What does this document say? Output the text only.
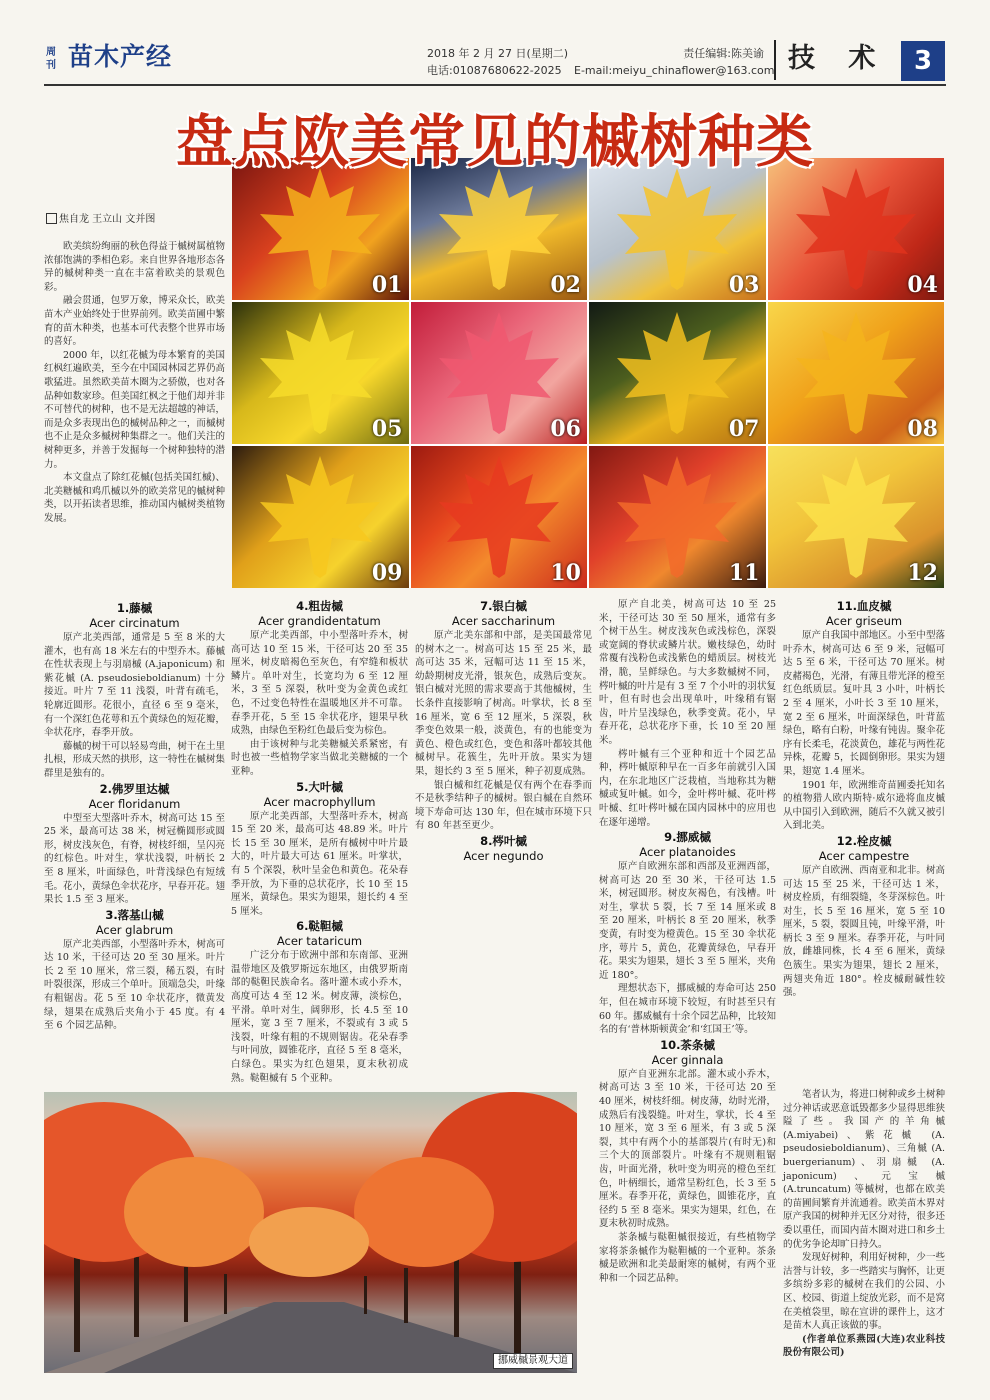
周刊 苗木产经	2018 年 2 月 27 日(星期二)
电话:01087680622-2025
责任编辑:陈美谕
E-mail:meiyu_chinaflower@163.com 技 术	3
盘点欧美常见的槭树种类
01	02	03	04
05	06	07	08
09	10	11	12
焦自龙 王立山 文并图

欧美缤纷绚丽的秋色得益于槭树属植物浓郁饱满的季相色彩。来自世界各地形态各异的槭树种类一直在丰富着欧美的景观色彩。

融会贯通，包罗万象，博采众长，欧美苗木产业始终处于世界前列。欧美苗圃中繁育的苗木种类，也基本可代表整个世界市场的喜好。

2000 年，以红花槭为母本繁育的美国红枫红遍欧美，至今在中国园林园艺界仍高歌猛进。虽然欧美苗木圈为之骄傲，也对各品种如数家珍。但美国红枫之于他们却并非不可替代的树种，也不是无法超越的神话，而是众多表现出色的槭树品种之一，而槭树也不止是众多槭树种集群之一。他们关注的树种更多，并善于发掘每一个树种独特的潜力。

本文盘点了除红花槭(包括美国红槭)、北美糖槭和鸡爪槭以外的欧美常见的槭树种类，以开拓读者思维，推动国内槭树类植物发展。

1.藤槭
Acer circinatum

原产北美西部，通常是 5 至 8 米的大灌木，也有高 18 米左右的中型乔木。藤槭在性状表现上与羽扇槭 (A.japonicum) 和紫花槭 (A. pseudosieboldianum) 十分接近。叶片 7 至 11 浅裂，叶背有疏毛，轮廓近圆形。花很小，直径 6 至 9 毫米，有一个深红色花萼和五个黄绿色的短花瓣，伞状花序，春季开放。

藤槭的树干可以轻易弯曲，树干在土里扎根，形成天然的拱形，这一特性在槭树集群里是独有的。

2.佛罗里达槭
Acer floridanum

中型至大型落叶乔木，树高可达 15 至 25 米，最高可达 38 米，树冠椭圆形或圆形，树皮浅灰色，有脊，树枝纤细，呈闪亮的红棕色。叶对生，掌状浅裂，叶柄长 2 至 8 厘米，叶面绿色，叶背浅绿色有短绒毛。花小，黄绿色伞状花序，早春开花。翅果长 1.5 至 3 厘米。

3.落基山槭
Acer glabrum

原产北美西部，小型落叶乔木，树高可达 10 米，干径可达 20 至 30 厘米。叶片长 2 至 10 厘米，常三裂，稀五裂，有时叶裂很深，形成三个单叶。顶端急尖，叶缘有粗锯齿。花 5 至 10 伞状花序，微黄发绿，翅果在成熟后夹角小于 45 度。有 4 至 6 个园艺品种。

4.粗齿槭
Acer grandidentatum

原产北美西部，中小型落叶乔木，树高可达 10 至 15 米，干径可达 20 至 35 厘米，树皮暗褐色至灰色，有窄缝和板状鳞片。单叶对生，长宽均为 6 至 12 厘米，3 至 5 深裂，秋叶变为金黄色或红色，不过变色特性在温暖地区并不可靠。春季开花，5 至 15 伞状花序，翅果早秋成熟，由绿色至粉红色最后变为棕色。

由于该树种与北美糖槭关系紧密，有时也被一些植物学家当做北美糖槭的一个亚种。

5.大叶槭
Acer macrophyllum

原产北美西部，大型落叶乔木，树高 15 至 20 米，最高可达 48.89 米。叶片长 15 至 30 厘米，是所有槭树中叶片最大的，叶片最大可达 61 厘米。叶掌状，有 5 个深裂，秋叶呈金色和黄色。花朵春季开放，为下垂的总状花序，长 10 至 15 厘米，黄绿色。果实为翅果，翅长约 4 至 5 厘米。

6.鞑靼槭
Acer tataricum

广泛分布于欧洲中部和东南部、亚洲温带地区及俄罗斯远东地区，由俄罗斯南部的鞑靼民族命名。落叶灌木或小乔木，高度可达 4 至 12 米。树皮薄，淡棕色，平滑。单叶对生，阔卵形，长 4.5 至 10 厘米，宽 3 至 7 厘米，不裂或有 3 或 5 浅裂，叶缘有粗的不规则锯齿。花朵春季与叶同放，圆锥花序，直径 5 至 8 毫米，白绿色。果实为红色翅果，夏末秋初成熟。鞑靼槭有 5 个亚种。

7.银白槭
Acer saccharinum

原产北美东部和中部，是美国最常见的树木之一。树高可达 15 至 25 米，最高可达 35 米，冠幅可达 11 至 15 米，幼龄期树皮光滑，银灰色，成熟后变灰。银白槭对光照的需求要高于其他槭树，生长条件直接影响了树高。叶掌状，长 8 至 16 厘米，宽 6 至 12 厘米，5 深裂，秋季变色效果一般，淡黄色，有的也能变为黄色、橙色或红色，变色和落叶都较其他槭树早。花簇生，先叶开放。果实为翅果，翅长约 3 至 5 厘米，种子初夏成熟。

银白槭和红花槭是仅有两个在春季而不是秋季结种子的槭树。银白槭在自然环境下寿命可达 130 年，但在城市环境下只有 80 年甚至更少。

8.梣叶槭
Acer negundo

原产自北美，树高可达 10 至 25 米，干径可达 30 至 50 厘米，通常有多个树干丛生。树皮浅灰色或浅棕色，深裂或宽阔的脊状或鳞片状。嫩枝绿色，幼时常覆有浅粉色或浅紫色的蜡质层。树枝光滑，脆，呈鲜绿色。与大多数槭树不同，梣叶槭的叶片是有 3 至 7 个小叶的羽状复叶，但有时也会出现单叶，叶缘稍有锯齿，叶片呈浅绿色，秋季变黄。花小，早春开花，总状花序下垂，长 10 至 20 厘米。

梣叶槭有三个亚种和近十个园艺品种，梣叶槭原种早在一百多年前就引入国内，在东北地区广泛栽植，当地称其为糖槭或复叶槭。如今，金叶梣叶槭、花叶梣叶槭、红叶梣叶槭在国内园林中的应用也在逐年递增。

9.挪威槭
Acer platanoides

原产自欧洲东部和西部及亚洲西部，树高可达 20 至 30 米，干径可达 1.5 米，树冠圆形。树皮灰褐色，有浅槽。叶对生，掌状 5 裂，长 7 至 14 厘米或 8 至 20 厘米，叶柄长 8 至 20 厘米，秋季变黄，有时变为橙黄色。15 至 30 伞状花序，萼片 5，黄色，花瓣黄绿色，早春开花。果实为翅果，翅长 3 至 5 厘米，夹角近 180°。

理想状态下，挪威槭的寿命可达 250 年，但在城市环境下较短，有时甚至只有 60 年。挪威槭有十余个园艺品种，比较知名的有‘普林斯顿黄金’和‘红国王’等。

10.茶条槭
Acer ginnala

原产自亚洲东北部。灌木或小乔木，树高可达 3 至 10 米，干径可达 20 至 40 厘米，树枝纤细。树皮薄，幼时光滑，成熟后有浅裂缝。叶对生，掌状，长 4 至 10 厘米，宽 3 至 6 厘米，有 3 或 5 深裂，其中有两个小的基部裂片(有时无)和三个大的顶部裂片。叶缘有不规则粗锯齿，叶面光滑，秋叶变为明亮的橙色至红色，叶柄细长，通常呈粉红色，长 3 至 5 厘米。春季开花，黄绿色，圆锥花序，直径约 5 至 8 毫米。果实为翅果，红色，在夏末秋初时成熟。

茶条槭与鞑靼槭很接近，有些植物学家将茶条槭作为鞑靼槭的一个亚种。茶条槭是欧洲和北美最耐寒的槭树，有两个亚种和一个园艺品种。

11.血皮槭
Acer griseum

原产自我国中部地区。小至中型落叶乔木，树高可达 6 至 9 米，冠幅可达 5 至 6 米，干径可达 70 厘米。树皮赭褐色，光滑，有薄且带光泽的橙至红色纸质层。复叶具 3 小叶，叶柄长 2 至 4 厘米，小叶长 3 至 10 厘米，宽 2 至 6 厘米，叶面深绿色，叶背蓝绿色，略有白粉，叶缘有钝齿。聚伞花序有长柔毛，花淡黄色，雄花与两性花异株，花瓣 5，长圆倒卵形。果实为翅果，翅宽 1.4 厘米。

1901 年，欧洲维奇苗圃委托知名的植物猎人欧内斯特·威尔逊将血皮槭从中国引入到欧洲，随后不久就又被引入到北美。

12.栓皮槭
Acer campestre

原产自欧洲、西南亚和北非。树高可达 15 至 25 米，干径可达 1 米，树皮栓质，有细裂缝，冬芽深棕色。叶对生，长 5 至 16 厘米，宽 5 至 10 厘米，5 裂，裂圆且钝，叶缘平滑，叶柄长 3 至 9 厘米。春季开花，与叶同放，雌雄同株，长 4 至 6 厘米，黄绿色簇生。果实为翅果，翅长 2 厘米，两翅夹角近 180°。栓皮槭耐碱性较强。

笔者认为，将进口树种或乡土树种过分神话或恶意诋毁都多少显得思维狭隘了些。我国产的羊角槭 (A.miyabei)、紫花槭 (A. pseudosieboldianum)、三角槭 (A. buergerianum)、羽扇槭 (A. japonicum)、元宝槭 (A.truncatum) 等槭树，也都在欧美的苗圃间繁育并流通着。欧美苗木界对原产我国的树种并无区分对待，很多还委以重任，而国内苗木圈对进口和乡土的优劣争论却旷日持久。

发现好树种，利用好树种，少一些沽誉与计较，多一些踏实与胸怀，让更多缤纷多彩的槭树在我们的公园、小区、校园、街道上绽放光彩，而不是窝在美植袋里，晾在宣讲的课件上，这才是苗木人真正该做的事。

(作者单位系燕园(大连)农业科技股份有限公司)

挪威槭景观大道
